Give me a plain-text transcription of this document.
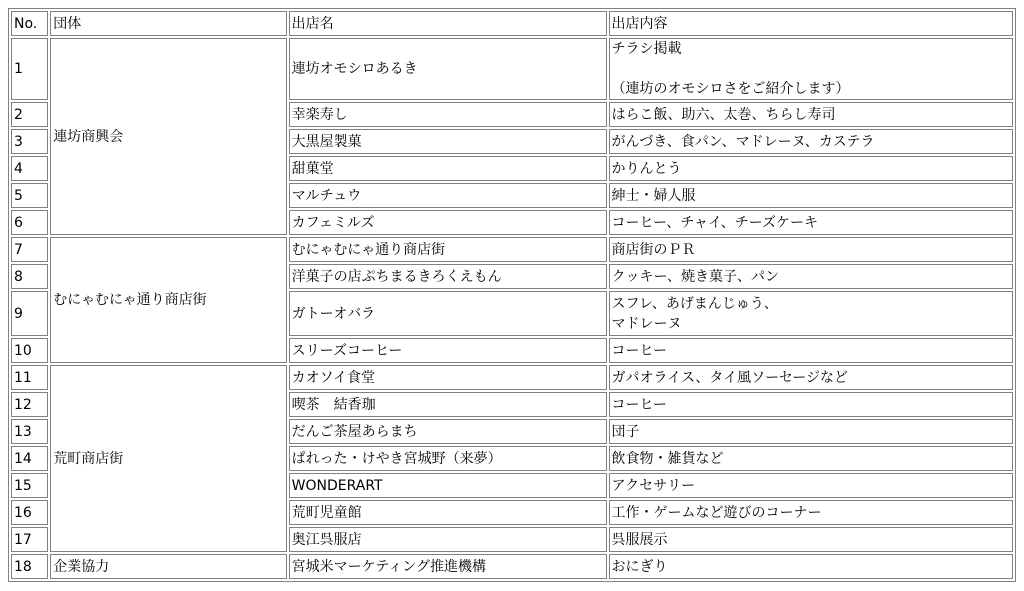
No.	団体	出店名	出店内容
1	連坊商興会	連坊オモシロあるき	チラシ掲載

（連坊のオモシロさをご紹介します）

2		幸楽寿し	はらこ飯、助六、太巻、ちらし寿司
3		大黒屋製菓	がんづき、食パン、マドレーヌ、カステラ
4		甜菓堂	かりんとう
5		マルチュウ	紳士・婦人服
6		カフェミルズ	コーヒー、チャイ、チーズケーキ
7	むにゃむにゃ通り商店街	むにゃむにゃ通り商店街	商店街のＰＲ
8		洋菓子の店ぷちまるきろくえもん	クッキー、焼き菓子、パン
9		ガトーオバラ	スフレ、あげまんじゅう、
マドレーヌ

10		スリーズコーヒー	コーヒー
11	荒町商店街	カオソイ食堂	ガパオライス、タイ風ソーセージなど
12		喫茶　結香珈	コーヒー
13		だんご茶屋あらまち	団子
14		ぱれった・けやき宮城野（来夢）	飲食物・雑貨など
15		WONDERART	アクセサリー
16		荒町児童館	工作・ゲームなど遊びのコーナー
17		奥江呉服店	呉服展示
18	企業協力	宮城米マーケティング推進機構	おにぎり
